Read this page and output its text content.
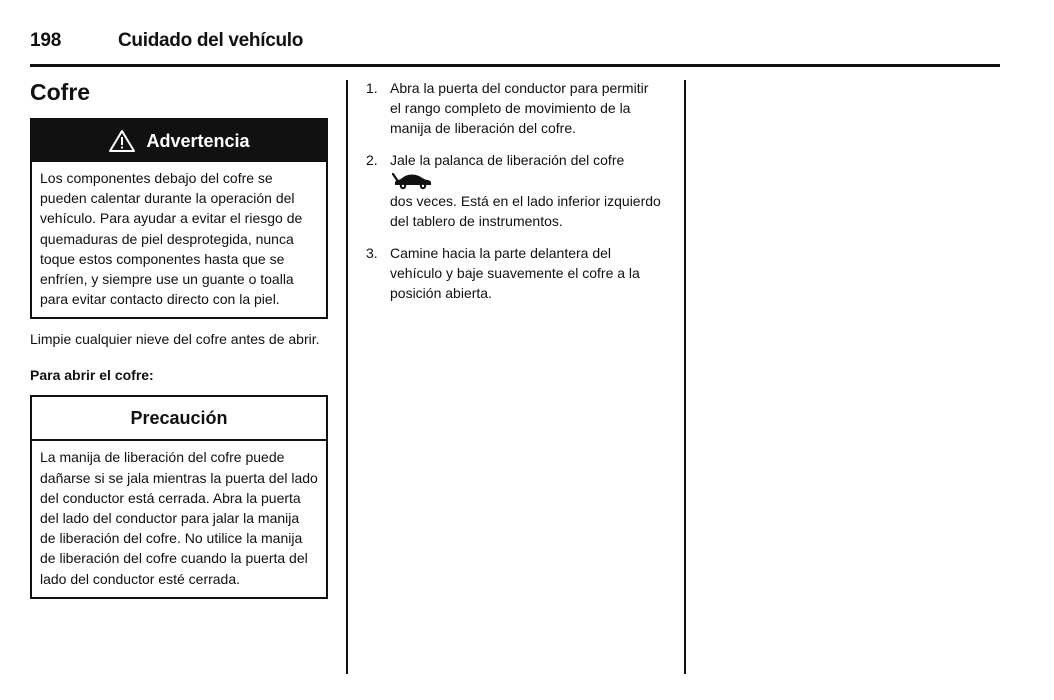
198	Cuidado del vehículo
Cofre
Advertencia
Los componentes debajo del cofre se
pueden calentar durante la operación del
vehículo. Para ayudar a evitar el riesgo de
quemaduras de piel desprotegida, nunca
toque estos componentes hasta que se
enfríen, y siempre use un guante o toalla
para evitar contacto directo con la piel.

Limpie cualquier nieve del cofre antes de abrir.

Para abrir el cofre:
Precaución
La manija de liberación del cofre puede
dañarse si se jala mientras la puerta del lado
del conductor está cerrada. Abra la puerta
del lado del conductor para jalar la manija
de liberación del cofre. No utilice la manija
de liberación del cofre cuando la puerta del
lado del conductor esté cerrada.
1. Abra la puerta del conductor para permitir
el rango completo de movimiento de la
manija de liberación del cofre.
2. Jale la palanca de liberación del cofre
dos veces. Está en el lado inferior izquierdo
del tablero de instrumentos.
3. Camine hacia la parte delantera del
vehículo y baje suavemente el cofre a la
posición abierta.
